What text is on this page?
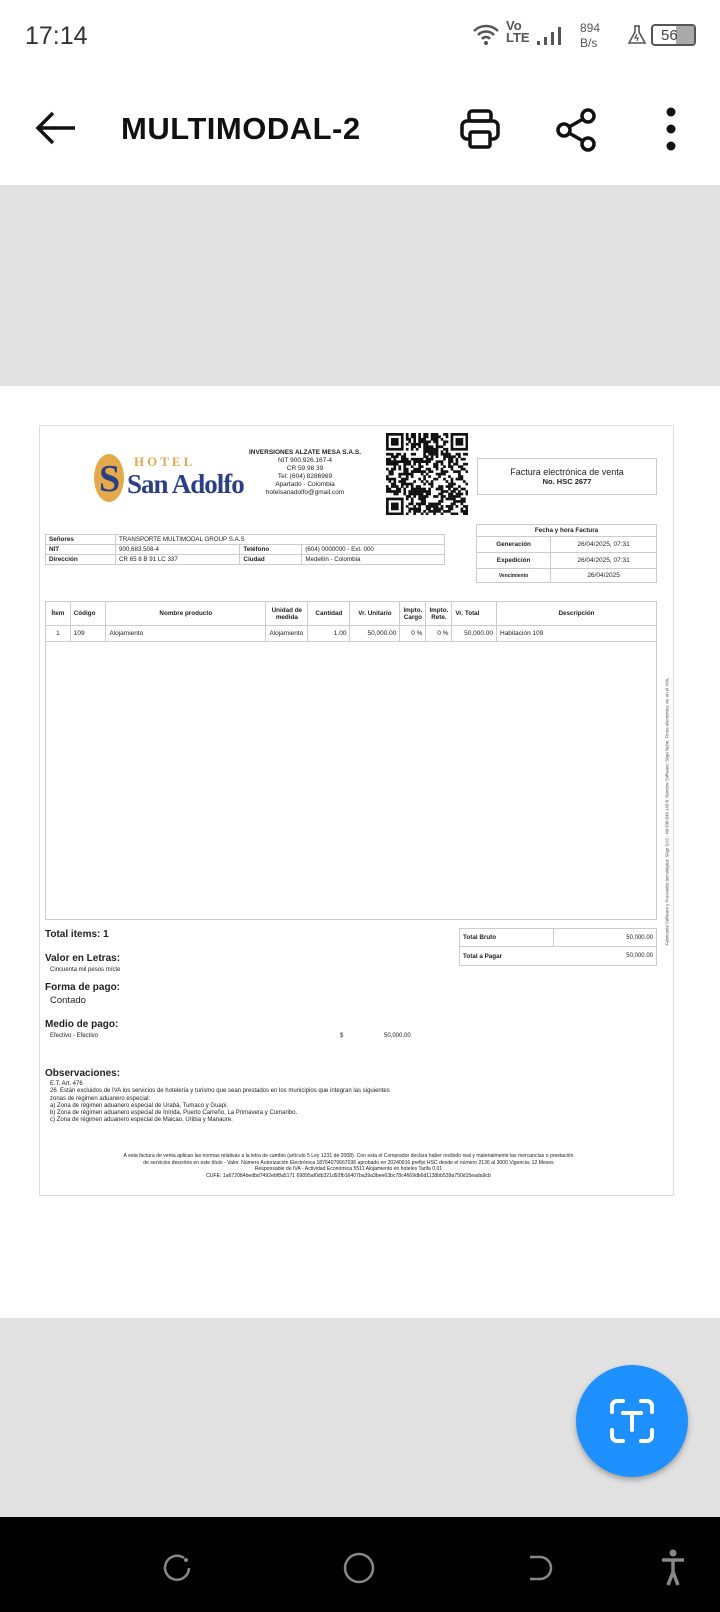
17:14	Vo LTE
894
B/s	56
MULTIMODAL-2
S HOTEL
San Adolfo
INVERSIONES ALZATE MESA S.A.S.
NIT 900.926.167-4
CR 59 98 39
Tel: (604) 8286969
Apartadó - Colombia
hotelsanadolfo@gmail.com
Factura electrónica de venta
No. HSC 2677
Fecha y hora Factura	
Generación	26/04/2025, 07:31
Expedición	26/04/2025, 07:31
Vencimiento	26/04/2025
Señores	TRANSPORTE MULTIMODAL GROUP S.A.S		
NIT	900.683.508-4	Teléfono	(604) 0000000 - Ext. 000
Dirección	CR 65 8 B 91 LC 337	Ciudad	Medellín - Colombia
Ítem	Código	Nombre producto	Unidad de medida	Cantidad	Vr. Unitario	Impto. Cargo	Impto. Rete.	Vr. Total	Descripción
1	109	Alojamiento	Alojamiento	1.00	50,000.00	0 %	0 %	50,000.00	Habitación 109
Total items: 1
Valor en Letras:
Cincuenta mil pesos m/cte
Forma de pago:
Contado
Medio de pago:
Efectivo - Efectivo	$	50,000.00
Total Bruto	50,000.00
Total a Pagar	50,000.00
Observaciones:
E.T. Art. 476
26. Están excluidos de IVA los servicios de hotelería y turismo que sean prestados en los municipios que integran las siguientes
zonas de régimen aduanero especial:
a) Zona de régimen aduanero especial de Urabá, Tumaco y Guapi.
b) Zona de régimen aduanero especial de Inírida, Puerto Carreño, La Primavera y Cumaribo.
c) Zona de régimen aduanero especial de Maicao, Uribia y Manaure.
A esta factura de venta aplican las normas relativas a la letra de cambio (artículo 5 Ley 1231 de 2008). Con esta el Comprador declara haber recibido real y materialmente las mercancías o prestación
de servicios descritos en este título - Valor. Número Autorización Electrónica 18764079667036 aprobado en 20240916 prefijo HSC desde el número 2136 al 3000 Vigencia: 12 Meses
Responsable de IVA - Actividad Económica 5511 Alojamiento en hoteles Tarifa 0.01
CUFE: 1a672084bedbd7492ebf8a5171 69895af0db321d92fb16407ba39a3bee63bc78c4669db6d1138bb539a750d15eada9cb
Fabricante Software y Proveedor tecnológico: Siigo SAS - Nit 830.048.145-8. Nombre Software: Siigo Nube. Firma electrónica ver en el XML.
